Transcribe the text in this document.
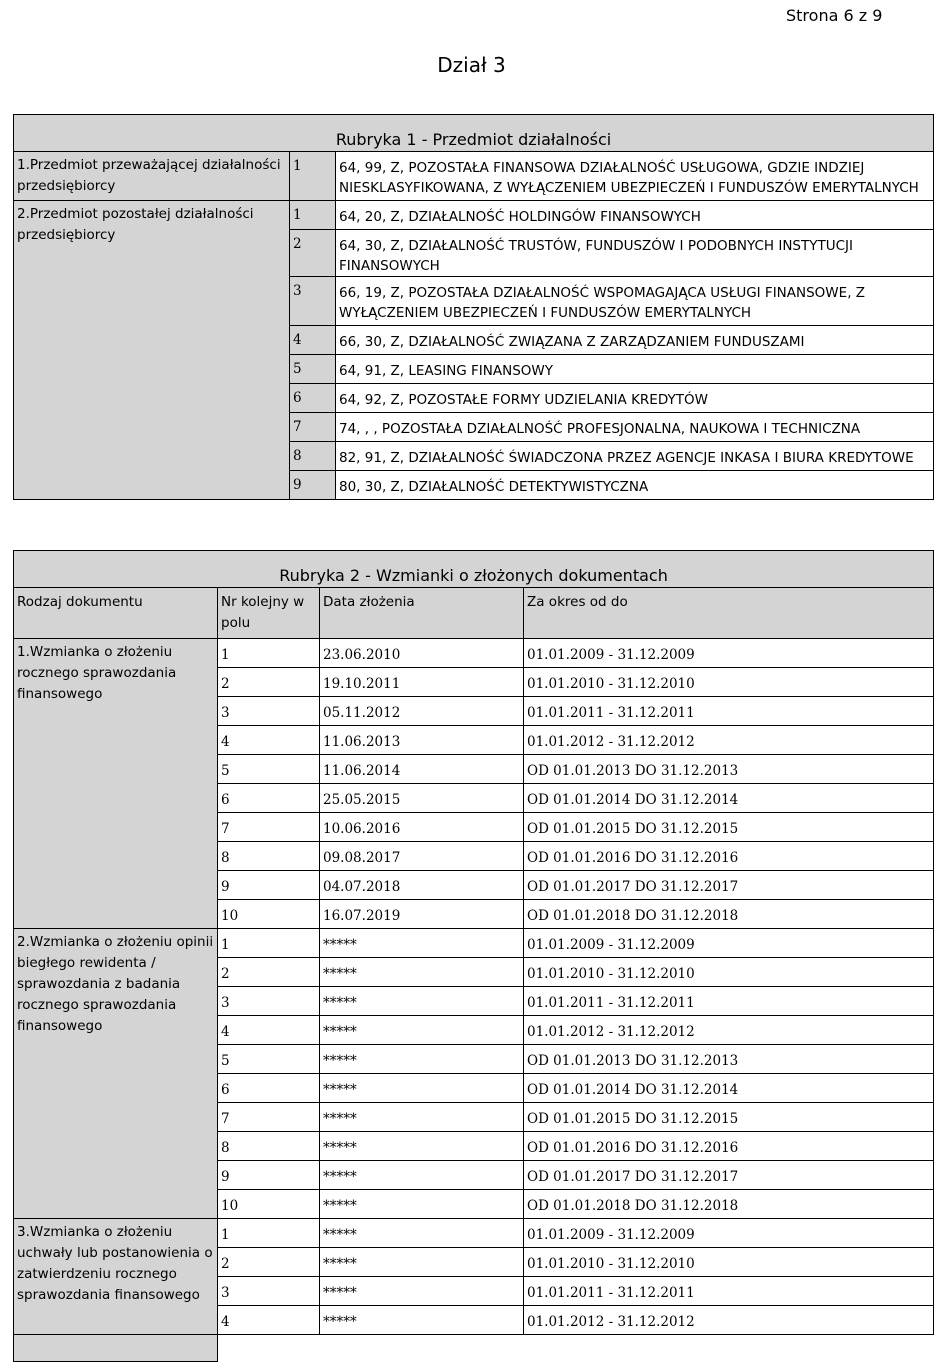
Strona 6 z 9
Dział 3
Rubryka 1 - Przedmiot działalności		
1.Przedmiot przeważającej działalności przedsiębiorcy	1	64, 99, Z, POZOSTAŁA FINANSOWA DZIAŁALNOŚĆ USŁUGOWA, GDZIE INDZIEJ NIESKLASYFIKOWANA, Z WYŁĄCZENIEM UBEZPIECZEŃ I FUNDUSZÓW EMERYTALNYCH
2.Przedmiot pozostałej działalności przedsiębiorcy	1	64, 20, Z, DZIAŁALNOŚĆ HOLDINGÓW FINANSOWYCH
	2	64, 30, Z, DZIAŁALNOŚĆ TRUSTÓW, FUNDUSZÓW I PODOBNYCH INSTYTUCJI FINANSOWYCH
	3	66, 19, Z, POZOSTAŁA DZIAŁALNOŚĆ WSPOMAGAJĄCA USŁUGI FINANSOWE, Z WYŁĄCZENIEM UBEZPIECZEŃ I FUNDUSZÓW EMERYTALNYCH
	4	66, 30, Z, DZIAŁALNOŚĆ ZWIĄZANA Z ZARZĄDZANIEM FUNDUSZAMI
	5	64, 91, Z, LEASING FINANSOWY
	6	64, 92, Z, POZOSTAŁE FORMY UDZIELANIA KREDYTÓW
	7	74, , , POZOSTAŁA DZIAŁALNOŚĆ PROFESJONALNA, NAUKOWA I TECHNICZNA
	8	82, 91, Z, DZIAŁALNOŚĆ ŚWIADCZONA PRZEZ AGENCJE INKASA I BIURA KREDYTOWE
	9	80, 30, Z, DZIAŁALNOŚĆ DETEKTYWISTYCZNA
Rubryka 2 - Wzmianki o złożonych dokumentach			
Rodzaj dokumentu	Nr kolejny w polu	Data złożenia	Za okres od do
1.Wzmianka o złożeniu rocznego sprawozdania finansowego	1	23.06.2010	01.01.2009 - 31.12.2009
	2	19.10.2011	01.01.2010 - 31.12.2010
	3	05.11.2012	01.01.2011 - 31.12.2011
	4	11.06.2013	01.01.2012 - 31.12.2012
	5	11.06.2014	OD 01.01.2013 DO 31.12.2013
	6	25.05.2015	OD 01.01.2014 DO 31.12.2014
	7	10.06.2016	OD 01.01.2015 DO 31.12.2015
	8	09.08.2017	OD 01.01.2016 DO 31.12.2016
	9	04.07.2018	OD 01.01.2017 DO 31.12.2017
	10	16.07.2019	OD 01.01.2018 DO 31.12.2018
2.Wzmianka o złożeniu opinii biegłego rewidenta / sprawozdania z badania rocznego sprawozdania finansowego	1	*****	01.01.2009 - 31.12.2009
	2	*****	01.01.2010 - 31.12.2010
	3	*****	01.01.2011 - 31.12.2011
	4	*****	01.01.2012 - 31.12.2012
	5	*****	OD 01.01.2013 DO 31.12.2013
	6	*****	OD 01.01.2014 DO 31.12.2014
	7	*****	OD 01.01.2015 DO 31.12.2015
	8	*****	OD 01.01.2016 DO 31.12.2016
	9	*****	OD 01.01.2017 DO 31.12.2017
	10	*****	OD 01.01.2018 DO 31.12.2018
3.Wzmianka o złożeniu uchwały lub postanowienia o zatwierdzeniu rocznego sprawozdania finansowego	1	*****	01.01.2009 - 31.12.2009
	2	*****	01.01.2010 - 31.12.2010
	3	*****	01.01.2011 - 31.12.2011
	4	*****	01.01.2012 - 31.12.2012
